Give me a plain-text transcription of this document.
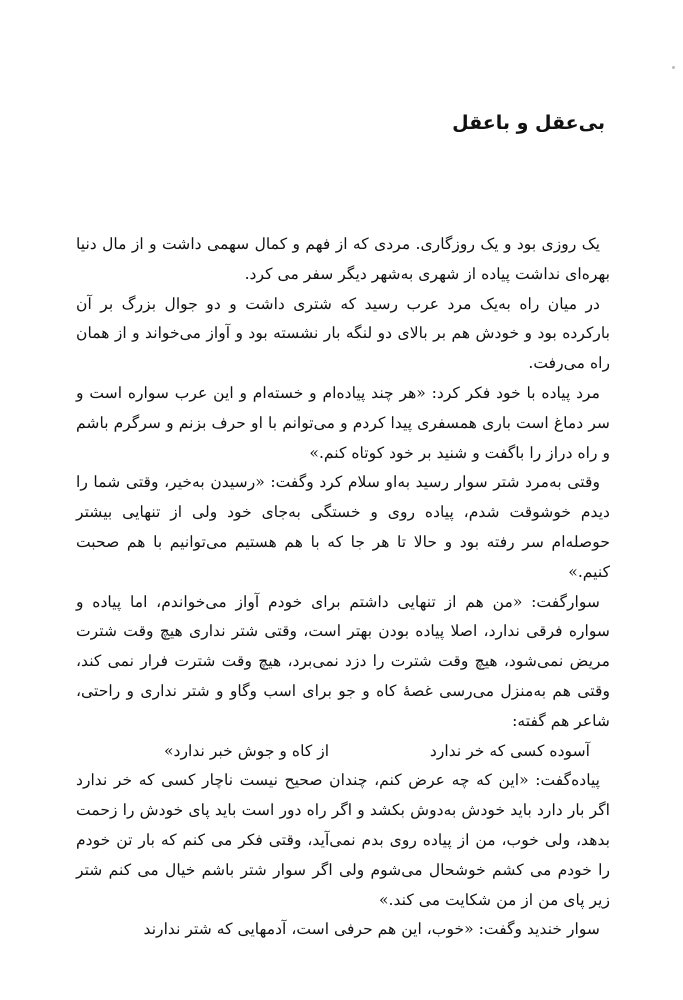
بی‌عقل و باعقل

یک روزی بود و یک روزگاری. مردی که از فهم و کمال سهمی داشت و از مال دنیا بهره‌ای نداشت پیاده از شهری به‌شهر دیگر سفر می کرد.

در میان راه به‌یک مرد عرب رسید که شتری داشت و دو جوال بزرگ بر آن بارکرده بود و خودش هم بر بالای دو لنگه بار نشسته بود و آواز می‌خواند و از همان راه می‌رفت.

مرد پیاده با خود فکر کرد: «هر چند پیاده‌ام و خسته‌ام و این عرب سواره است و سر دماغ است باری همسفری پیدا کردم و می‌توانم با او حرف بزنم و سرگرم باشم و راه دراز را باگفت و شنید بر خود کوتاه کنم.»

وقتی به‌مرد شتر سوار رسید به‌او سلام کرد وگفت: «رسیدن به‌خیر، وقتی شما را دیدم خوشوقت شدم، پیاده روی و خستگی به‌جای خود ولی از تنهایی بیشتر حوصله‌ام سر رفته بود و حالا تا هر جا که با هم هستیم می‌توانیم با هم صحبت کنیم.»

سوارگفت: «من هم از تنهایی داشتم برای خودم آواز می‌خواندم، اما پیاده و سواره فرقی ندارد، اصلا پیاده بودن بهتر است، وقتی شتر نداری هیچ وقت شترت مریض نمی‌شود، هیچ وقت شترت را دزد نمی‌برد، هیچ وقت شترت فرار نمی کند، وقتی هم به‌منزل می‌رسی غصهٔ کاه و جو برای اسب وگاو و شتر نداری و راحتی، شاعر هم گفته:

آسوده کسی که خر ندارد
از کاه و جوش خبر ندارد»

پیاده‌گفت: «این که چه عرض کنم، چندان صحیح نیست ناچار کسی که خر ندارد اگر بار دارد باید خودش به‌دوش بکشد و اگر راه دور است باید پای خودش را زحمت بدهد، ولی خوب، من از پیاده روی بدم نمی‌آید، وقتی فکر می کنم که بار تن خودم را خودم می کشم خوشحال می‌شوم ولی اگر سوار شتر باشم خیال می کنم شتر زیر پای من از من شکایت می کند.»

سوار خندید وگفت: «خوب، این هم حرفی است، آدمهایی که شتر ندارند
